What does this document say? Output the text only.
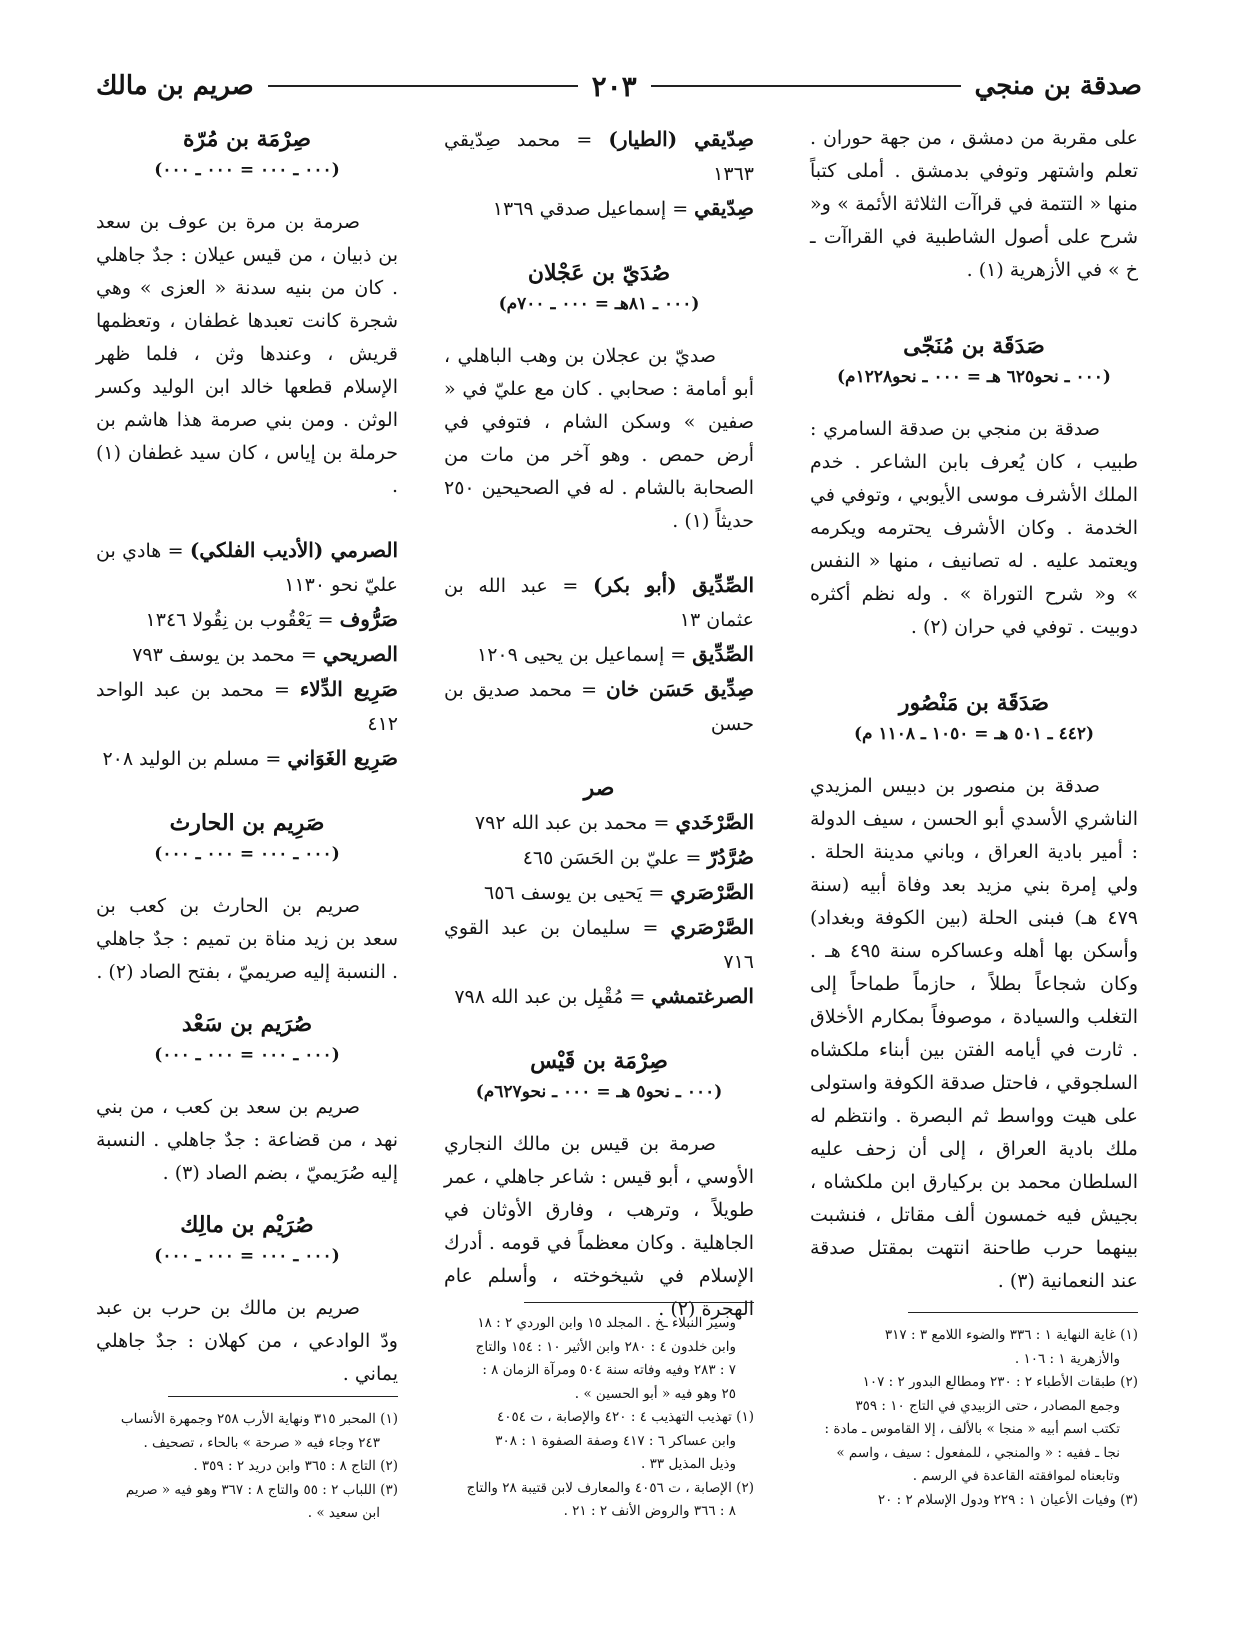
صدقة بن منجي
٢٠٣
صريم بن مالك

على مقربة من دمشق ، من جهة حوران . تعلم واشتهر وتوفي بدمشق . أملى كتباً منها « التتمة في قراآت الثلاثة الأئمة » و« شرح على أصول الشاطبية في القراآت ـ خ » في الأزهرية (١) .

صَدَقَة بن مُنَجّى

(٠٠٠ ـ نحو٦٢٥ هـ = ٠٠٠ ـ نحو١٢٢٨م)

صدقة بن منجي بن صدقة السامري : طبيب ، كان يُعرف بابن الشاعر . خدم الملك الأشرف موسى الأيوبي ، وتوفي في الخدمة . وكان الأشرف يحترمه ويكرمه ويعتمد عليه . له تصانيف ، منها « النفس » و« شرح التوراة » . وله نظم أكثره دوبيت . توفي في حران (٢) .

صَدَقَة بن مَنْصُور

(٤٤٢ ـ ٥٠١ هـ = ١٠٥٠ ـ ١١٠٨ م)

صدقة بن منصور بن دبيس المزيدي الناشري الأسدي أبو الحسن ، سيف الدولة : أمير بادية العراق ، وباني مدينة الحلة . ولي إمرة بني مزيد بعد وفاة أبيه (سنة ٤٧٩ هـ) فبنى الحلة (بين الكوفة وبغداد) وأسكن بها أهله وعساكره سنة ٤٩٥ هـ . وكان شجاعاً بطلاً ، حازماً طماحاً إلى التغلب والسيادة ، موصوفاً بمكارم الأخلاق . ثارت في أيامه الفتن بين أبناء ملكشاه السلجوقي ، فاحتل صدقة الكوفة واستولى على هيت وواسط ثم البصرة . وانتظم له ملك بادية العراق ، إلى أن زحف عليه السلطان محمد بن بركيارق ابن ملكشاه ، بجيش فيه خمسون ألف مقاتل ، فنشبت بينهما حرب طاحنة انتهت بمقتل صدقة عند النعمانية (٣) .

صِدّيقي (الطيار) = محمد صِدّيقي ١٣٦٣

صِدّيقي = إسماعيل صدقي ١٣٦٩

صُدَيّ بن عَجْلان

(٠٠٠ ـ ٨١هـ = ٠٠٠ ـ ٧٠٠م)

صديّ بن عجلان بن وهب الباهلي ، أبو أمامة : صحابي . كان مع عليّ في « صفين » وسكن الشام ، فتوفي في أرض حمص . وهو آخر من مات من الصحابة بالشام . له في الصحيحين ٢٥٠ حديثاً (١) .

الصِّدِّيق (أبو بكر) = عبد الله بن عثمان ١٣

الصِّدِّيق = إسماعيل بن يحيى ١٢٠٩

صِدِّيق حَسَن خان = محمد صديق بن حسن

صر

الصَّرْخَدي = محمد بن عبد الله ٧٩٢

صُرَّدُرّ = عليّ بن الحَسَن ٤٦٥

الصَّرْصَري = يَحيى بن يوسف ٦٥٦

الصَّرْصَري = سليمان بن عبد القوي ٧١٦

الصرغتمشي = مُقْبِل بن عبد الله ٧٩٨

صِرْمَة بن قَيْس

(٠٠٠ ـ نحو٥ هـ = ٠٠٠ ـ نحو٦٢٧م)

صرمة بن قيس بن مالك النجاري الأوسي ، أبو قيس : شاعر جاهلي ، عمر طويلاً ، وترهب ، وفارق الأوثان في الجاهلية . وكان معظماً في قومه . أدرك الإسلام في شيخوخته ، وأسلم عام الهجرة (٢) .

صِرْمَة بن مُرّة

(٠٠٠ ـ ٠٠٠ = ٠٠٠ ـ ٠٠٠)

صرمة بن مرة بن عوف بن سعد بن ذبيان ، من قيس عيلان : جدٌ جاهلي . كان من بنيه سدنة « العزى » وهي شجرة كانت تعبدها غطفان ، وتعظمها قريش ، وعندها وثن ، فلما ظهر الإسلام قطعها خالد ابن الوليد وكسر الوثن . ومن بني صرمة هذا هاشم بن حرملة بن إياس ، كان سيد غطفان (١) .

الصرمي (الأديب الفلكي) = هادي بن عليّ نحو ١١٣٠

صَرُّوف = يَعْقُوب بن نِقُولا ١٣٤٦

الصريحي = محمد بن يوسف ٧٩٣

صَرِيع الدِّلاء = محمد بن عبد الواحد ٤١٢

صَرِيع الغَوَاني = مسلم بن الوليد ٢٠٨

صَرِيم بن الحارث

(٠٠٠ ـ ٠٠٠ = ٠٠٠ ـ ٠٠٠)

صريم بن الحارث بن كعب بن سعد بن زيد مناة بن تميم : جدٌ جاهلي . النسبة إليه صريميّ ، بفتح الصاد (٢) .

صُرَيم بن سَعْد

(٠٠٠ ـ ٠٠٠ = ٠٠٠ ـ ٠٠٠)

صريم بن سعد بن كعب ، من بني نهد ، من قضاعة : جدٌ جاهلي . النسبة إليه صُرَيميّ ، بضم الصاد (٣) .

صُرَيْم بن مالِك

(٠٠٠ ـ ٠٠٠ = ٠٠٠ ـ ٠٠٠)

صريم بن مالك بن حرب بن عبد ودّ الوادعي ، من كهلان : جدٌ جاهلي يماني .

(١) غاية النهاية ١ : ٣٣٦ والضوء اللامع ٣ : ٣١٧

والأزهرية ١ : ١٠٦ .

(٢) طبقات الأطباء ٢ : ٢٣٠ ومطالع البدور ٢ : ١٠٧

وجمع المصادر ، حتى الزبيدي في التاج ١٠ : ٣٥٩

تكتب اسم أبيه « منجا » بالألف ، إلا القاموس ـ مادة :

نجا ـ ففيه : « والمنجي ، للمفعول : سيف ، واسم »

وتابعناه لموافقته القاعدة في الرسم .

(٣) وفيات الأعيان ١ : ٢٢٩ ودول الإسلام ٢ : ٢٠

وسير النبلاء ـخ . المجلد ١٥ وابن الوردي ٢ : ١٨

وابن خلدون ٤ : ٢٨٠ وابن الأثير ١٠ : ١٥٤ والتاج

٧ : ٢٨٣ وفيه وفاته سنة ٥٠٤ ومرآة الزمان ٨ :

٢٥ وهو فيه « أبو الحسين » .

(١) تهذيب التهذيب ٤ : ٤٢٠ والإصابة ، ت ٤٠٥٤

وابن عساكر ٦ : ٤١٧ وصفة الصفوة ١ : ٣٠٨

وذيل المذيل ٣٣ .

(٢) الإصابة ، ت ٤٠٥٦ والمعارف لابن قتيبة ٢٨ والتاج

٨ : ٣٦٦ والروض الأنف ٢ : ٢١ .

(١) المحبر ٣١٥ ونهاية الأرب ٢٥٨ وجمهرة الأنساب

٢٤٣ وجاء فيه « صرحة » بالحاء ، تصحيف .

(٢) التاج ٨ : ٣٦٥ وابن دريد ٢ : ٣٥٩ .

(٣) اللباب ٢ : ٥٥ والتاج ٨ : ٣٦٧ وهو فيه « صريم

ابن سعيد » .
